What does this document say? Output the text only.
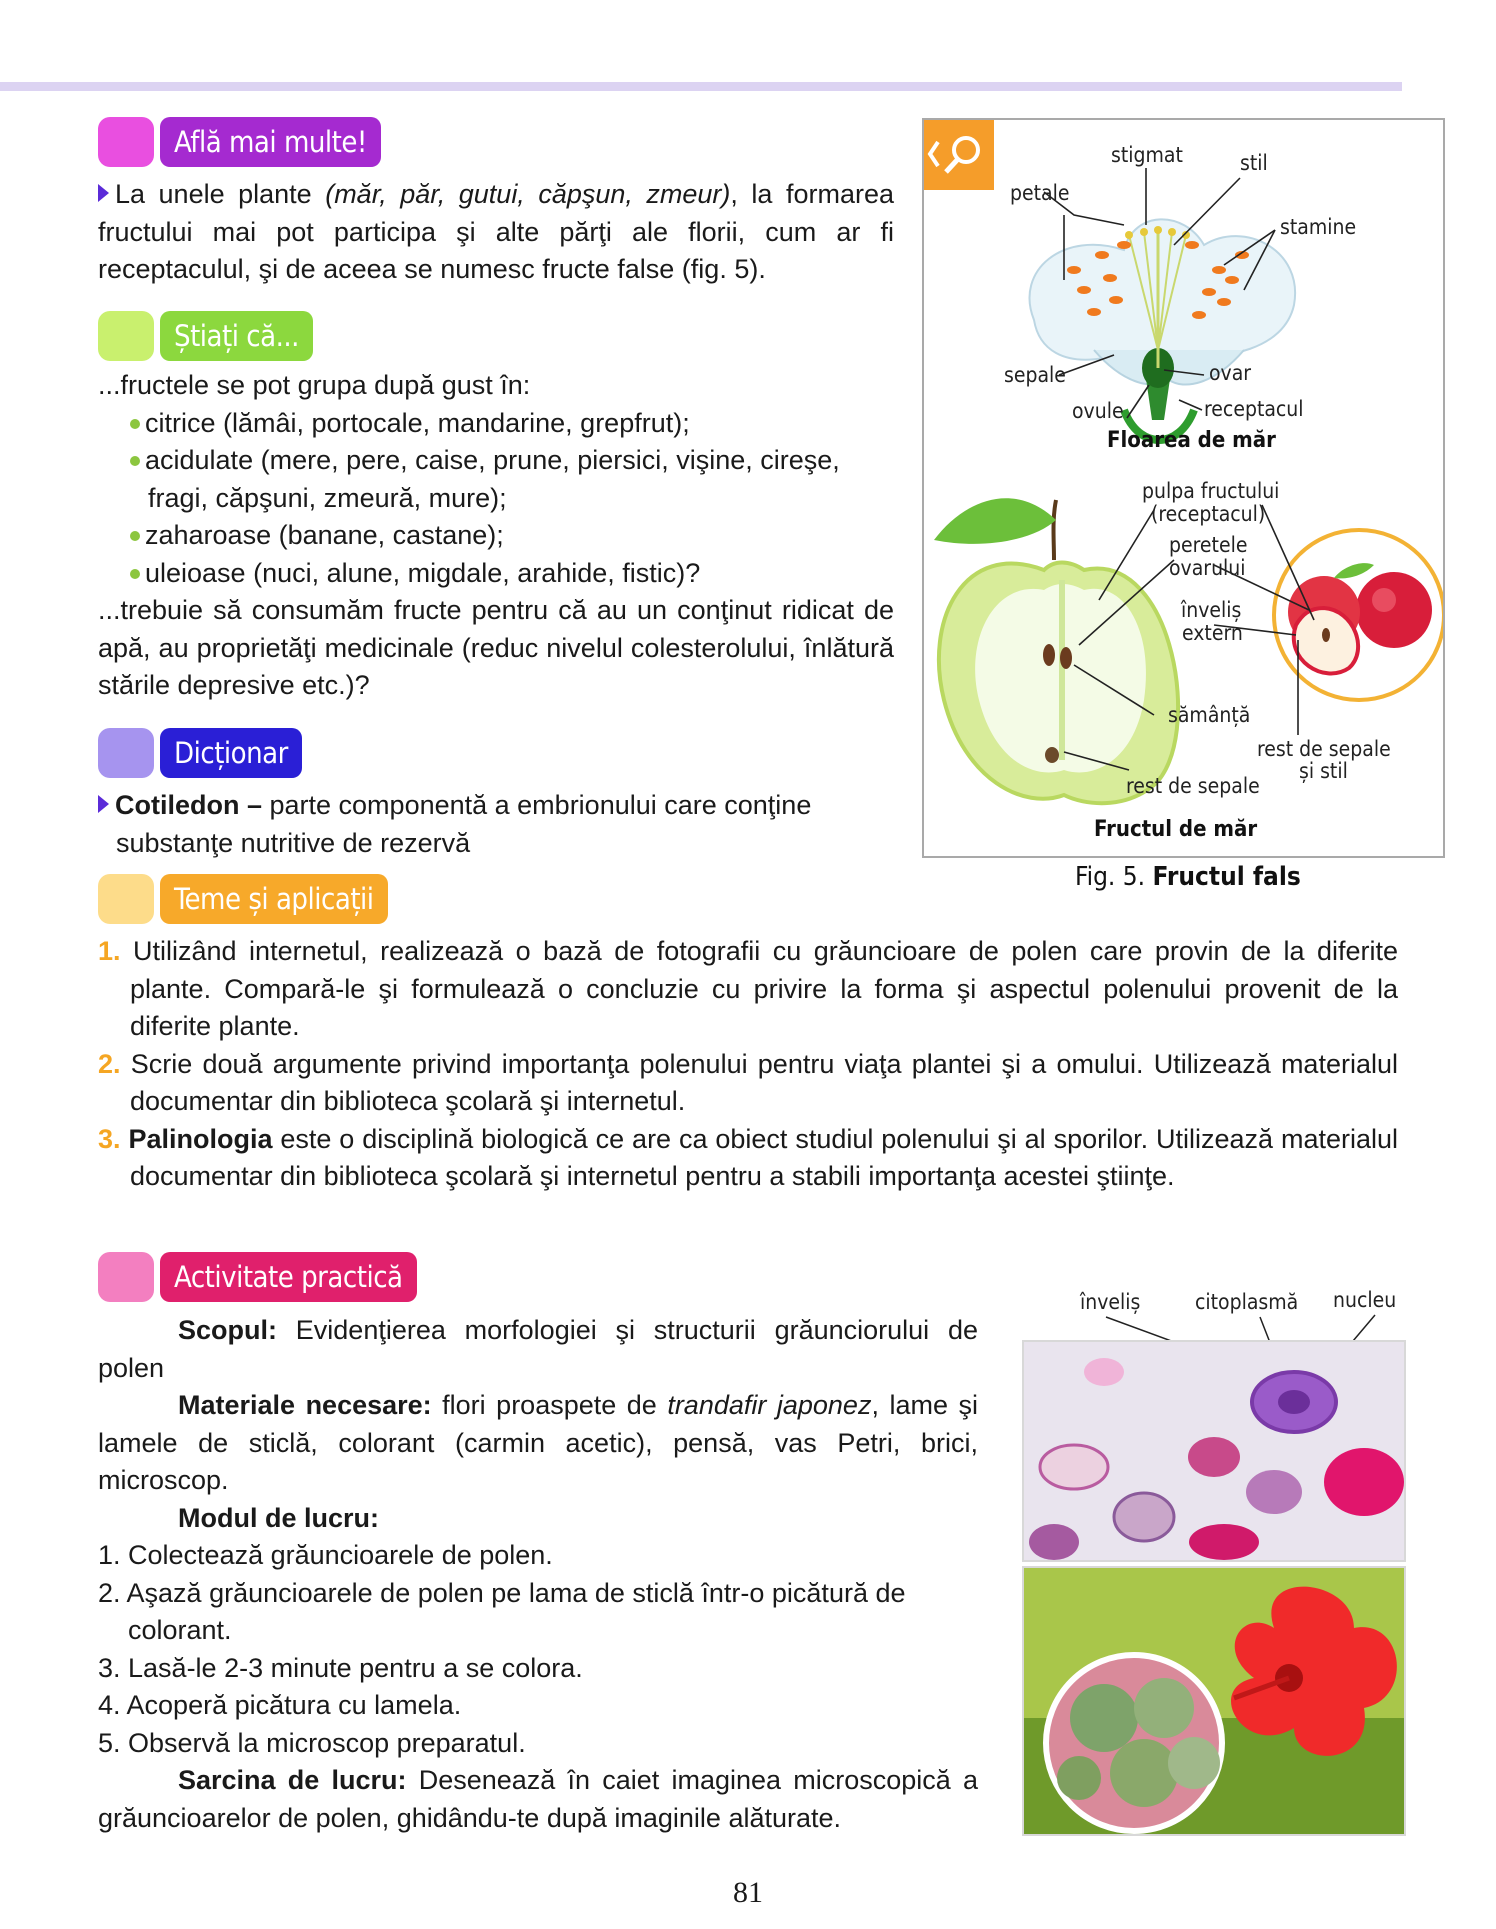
Află mai multe!
La unele plante (măr, păr, gutui, căpşun, zmeur), la formarea fructului mai pot participa şi alte părţi ale florii, cum ar fi receptaculul, şi de aceea se numesc fructe false (fig. 5).
Știați că...
...fructele se pot grupa după gust în:
citrice (lămâi, portocale, mandarine, grepfrut);
acidulate (mere, pere, caise, prune, piersici, vişine, cireşe, fragi, căpşuni, zmeură, mure);
zaharoase (banane, castane);
uleioase (nuci, alune, migdale, arahide, fistic)?
...trebuie să consumăm fructe pentru că au un conţinut ridicat de apă, au proprietăţi medicinale (reduc nivelul colesterolului, înlătură stările depresive etc.)?
Dicționar
Cotiledon – parte componentă a embrionului care conţine substanţe nutritive de rezervă
Teme și aplicații
1. Utilizând internetul, realizează o bază de fotografii cu grăuncioare de polen care provin de la diferite plante. Compară-le şi formulează o concluzie cu privire la forma şi aspectul polenului provenit de la diferite plante.
2. Scrie două argumente privind importanţa polenului pentru viaţa plantei şi a omului. Utilizează materialul documentar din biblioteca şcolară şi internetul.
3. Palinologia este o disciplină biologică ce are ca obiect studiul polenului şi al sporilor. Utilizează materialul documentar din biblioteca şcolară şi internetul pentru a stabili importanţa acestei ştiinţe.
Activitate practică
Scopul: Evidenţierea morfologiei şi structurii grăunciorului de polen
Materiale necesare: flori proaspete de trandafir japonez, lame şi lamele de sticlă, colorant (carmin acetic), pensă, vas Petri, brici, microscop.
Modul de lucru:
1. Colectează grăuncioarele de polen.
2. Aşază grăuncioarele de polen pe lama de sticlă într-o picătură de colorant.
3. Lasă-le 2-3 minute pentru a se colora.
4. Acoperă picătura cu lamela.
5. Observă la microscop preparatul.
Sarcina de lucru: Desenează în caiet imaginea microscopică a grăuncioarelor de polen, ghidându-te după imaginile alăturate.
stigmat	stil
petale
stamine
sepale	ovar
ovule	receptacul
Floarea de măr
pulpa fructului
(receptacul)
peretele
ovarului
înveliș
extern
sămânță
rest de sepale
și stil
rest de sepale
Fructul de măr
Fig. 5. Fructul fals
înveliș	citoplasmă nucleu
81
